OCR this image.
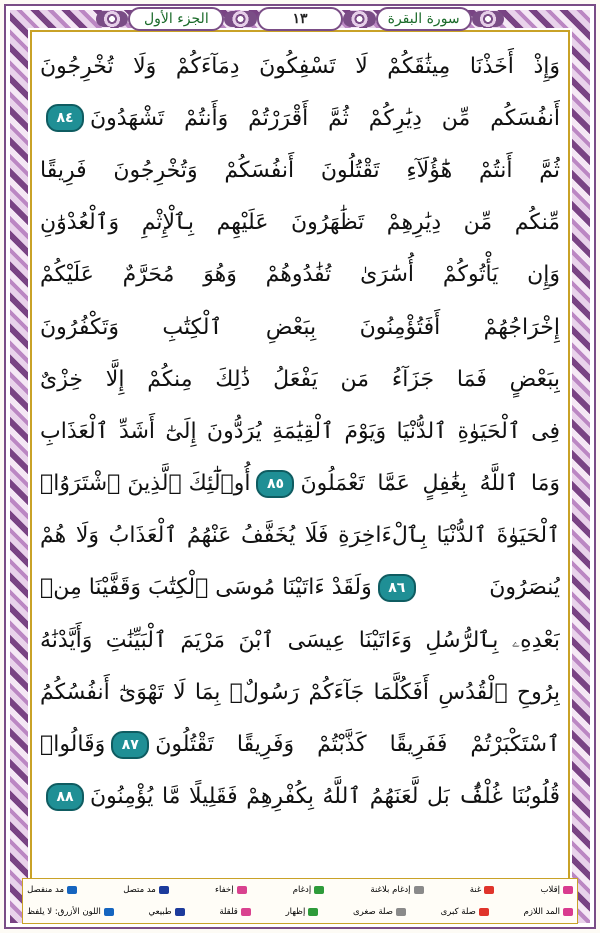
الجزء الأول	١٣	سورة البقرة
وَإِذْ أَخَذْنَا مِيثَٰقَكُمْ لَا تَسْفِكُونَ دِمَآءَكُمْ وَلَا تُخْرِجُونَ
أَنفُسَكُم مِّن دِيَٰرِكُمْ ثُمَّ أَقْرَرْتُمْ وَأَنتُمْ تَشْهَدُونَ
٨٤
ثُمَّ أَنتُمْ هَٰٓؤُلَآءِ تَقْتُلُونَ أَنفُسَكُمْ وَتُخْرِجُونَ فَرِيقًا
مِّنكُم مِّن دِيَٰرِهِمْ تَظَٰهَرُونَ عَلَيْهِم بِٱلْإِثْمِ وَٱلْعُدْوَٰنِ
وَإِن يَأْتُوكُمْ أُسَٰرَىٰ تُفَٰدُوهُمْ وَهُوَ مُحَرَّمٌ عَلَيْكُمْ
إِخْرَاجُهُمْ أَفَتُؤْمِنُونَ بِبَعْضِ ٱلْكِتَٰبِ وَتَكْفُرُونَ
بِبَعْضٍ فَمَا جَزَآءُ مَن يَفْعَلُ ذَٰلِكَ مِنكُمْ إِلَّا خِزْىٌ
فِى ٱلْحَيَوٰةِ ٱلدُّنْيَا وَيَوْمَ ٱلْقِيَٰمَةِ يُرَدُّونَ إِلَىٰٓ أَشَدِّ ٱلْعَذَابِ
وَمَا ٱللَّهُ بِغَٰفِلٍ عَمَّا تَعْمَلُونَ
٨٥
أُو۟لَٰٓئِكَ ٱلَّذِينَ ٱشْتَرَوُا۟
ٱلْحَيَوٰةَ ٱلدُّنْيَا بِٱلْءَاخِرَةِ فَلَا يُخَفَّفُ عَنْهُمُ ٱلْعَذَابُ وَلَا هُمْ
يُنصَرُونَ
٨٦
وَلَقَدْ ءَاتَيْنَا مُوسَى ٱلْكِتَٰبَ وَقَفَّيْنَا مِنۢ
بَعْدِهِۦ بِٱلرُّسُلِ وَءَاتَيْنَا عِيسَى ٱبْنَ مَرْيَمَ ٱلْبَيِّنَٰتِ وَأَيَّدْنَٰهُ
بِرُوحِ ٱلْقُدُسِ أَفَكُلَّمَا جَآءَكُمْ رَسُولٌۢ بِمَا لَا تَهْوَىٰٓ أَنفُسُكُمُ
ٱسْتَكْبَرْتُمْ فَفَرِيقًا كَذَّبْتُمْ وَفَرِيقًا تَقْتُلُونَ
٨٧
وَقَالُوا۟
قُلُوبُنَا غُلْفٌۢ بَل لَّعَنَهُمُ ٱللَّهُ بِكُفْرِهِمْ فَقَلِيلًا مَّا يُؤْمِنُونَ
٨٨
إقلاب
غنة
إدغام بلاغنة
إدغام
إخفاء
مد متصل
مد منفصل
المد اللازم
صلة كبرى
صلة صغرى
إظهار
قلقلة
طبيعي
اللون الأزرق: لا يلفظ
